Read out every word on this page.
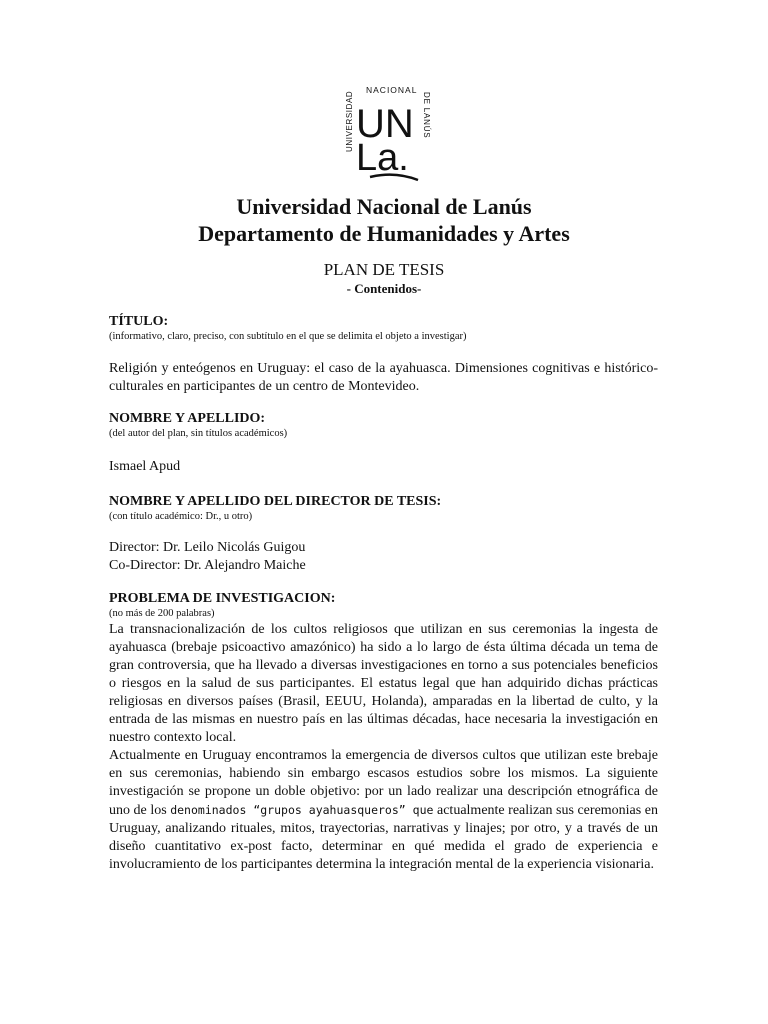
UNIVERSIDAD
NACIONAL
DE LANÚS
UN
La.
Universidad Nacional de Lanús
Departamento de Humanidades y Artes
PLAN DE TESIS
- Contenidos-
TÍTULO:
(informativo, claro, preciso, con subtítulo en el que se delimita el objeto a investigar)
Religión y enteógenos en Uruguay: el caso de la ayahuasca. Dimensiones cognitivas e histórico-culturales en participantes de un centro de Montevideo.
NOMBRE Y APELLIDO:
(del autor del plan, sin títulos académicos)
Ismael Apud
NOMBRE Y APELLIDO DEL DIRECTOR DE TESIS:
(con título académico: Dr., u otro)
Director: Dr. Leilo Nicolás Guigou
Co-Director: Dr. Alejandro Maiche
PROBLEMA DE INVESTIGACION:
(no más de 200 palabras)

La transnacionalización de los cultos religiosos que utilizan en sus ceremonias la ingesta de ayahuasca (brebaje psicoactivo amazónico) ha sido a lo largo de ésta última década un tema de gran controversia, que ha llevado a diversas investigaciones en torno a sus potenciales beneficios o riesgos en la salud de sus participantes. El estatus legal que han adquirido dichas prácticas religiosas en diversos países (Brasil, EEUU, Holanda), amparadas en la libertad de culto, y la entrada de las mismas en nuestro país en las últimas décadas, hace necesaria la investigación en nuestro contexto local.

Actualmente en Uruguay encontramos la emergencia de diversos cultos que utilizan este brebaje en sus ceremonias, habiendo sin embargo escasos estudios sobre los mismos. La siguiente investigación se propone un doble objetivo: por un lado realizar una descripción etnográfica de uno de los denominados “grupos ayahuasqueros” que actualmente realizan sus ceremonias en Uruguay, analizando rituales, mitos, trayectorias, narrativas y linajes; por otro, y a través de un diseño cuantitativo ex-post facto, determinar en qué medida el grado de experiencia e involucramiento de los participantes determina la integración mental de la experiencia visionaria.
